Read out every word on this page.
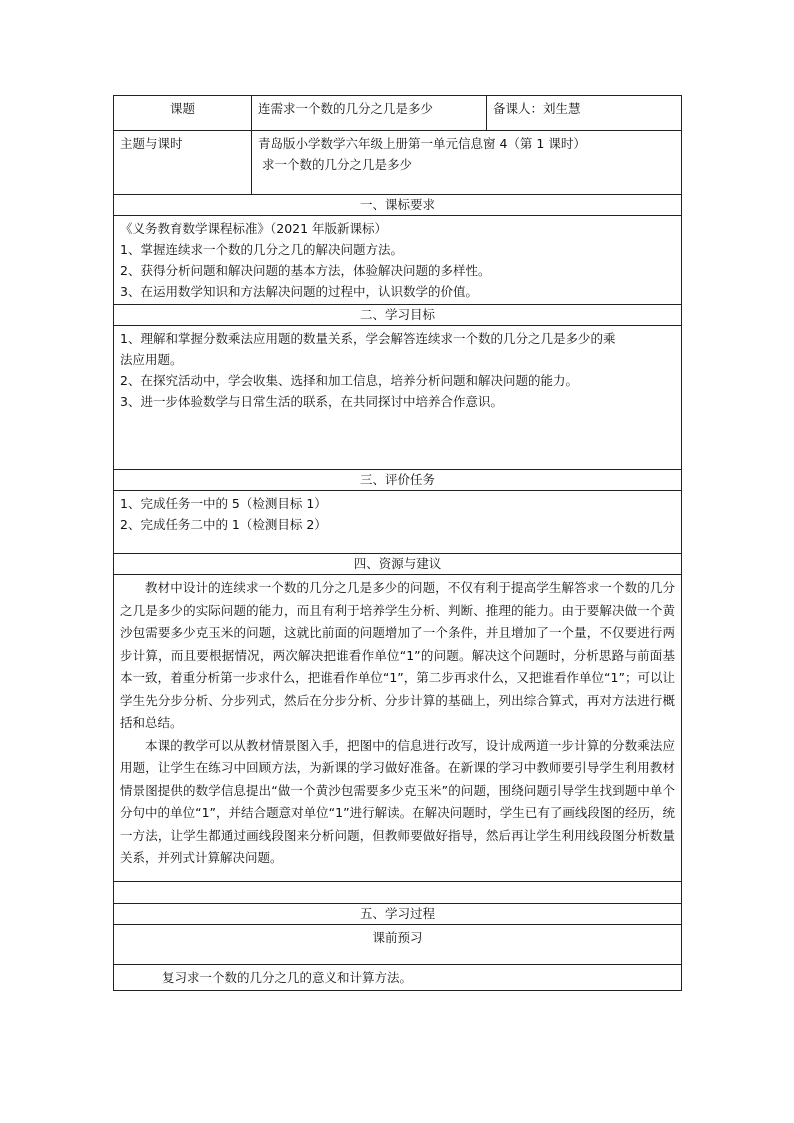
课题	连需求一个数的几分之几是多少	备课人：刘生慧
主题与课时	青岛版小学数学六年级上册第一单元信息窗 4（第 1 课时）
求一个数的几分之几是多少	

一、课标要求		

《义务教育数学课程标准》（2021 年版新课标）
1、掌握连续求一个数的几分之几的解决问题方法。
2、获得分析问题和解决问题的基本方法，体验解决问题的多样性。
3、在运用数学知识和方法解决问题的过程中，认识数学的价值。		

二、学习目标		

1、理解和掌握分数乘法应用题的数量关系，学会解答连续求一个数的几分之几是多少的乘
法应用题。
2、在探究活动中，学会收集、选择和加工信息，培养分析问题和解决问题的能力。
3、进一步体验数学与日常生活的联系，在共同探讨中培养合作意识。		

三、评价任务		

1、完成任务一中的 5（检测目标 1）
2、完成任务二中的 1（检测目标 2）		

四、资源与建议		

教材中设计的连续求一个数的几分之几是多少的问题，不仅有利于提高学生解答求一个数的几分之几是多少的实际问题的能力，而且有利于培养学生分析、判断、推理的能力。由于要解决做一个黄沙包需要多少克玉米的问题，这就比前面的问题增加了一个条件，并且增加了一个量，不仅要进行两步计算，而且要根据情况，两次解决把谁看作单位“1”的问题。解决这个问题时，分析思路与前面基本一致，着重分析第一步求什么，把谁看作单位“1”，第二步再求什么，又把谁看作单位“1”；可以让学生先分步分析、分步列式，然后在分步分析、分步计算的基础上，列出综合算式，再对方法进行概括和总结。

本课的教学可以从教材情景图入手，把图中的信息进行改写，设计成两道一步计算的分数乘法应用题，让学生在练习中回顾方法，为新课的学习做好准备。在新课的学习中教师要引导学生利用教材情景图提供的数学信息提出“做一个黄沙包需要多少克玉米”的问题，围绕问题引导学生找到题中单个分句中的单位“1”，并结合题意对单位“1”进行解读。在解决问题时，学生已有了画线段图的经历，统一方法，让学生都通过画线段图来分析问题，但教师要做好指导，然后再让学生利用线段图分析数量关系，并列式计算解决问题。		

五、学习过程		
课前预习		
复习求一个数的几分之几的意义和计算方法。		
